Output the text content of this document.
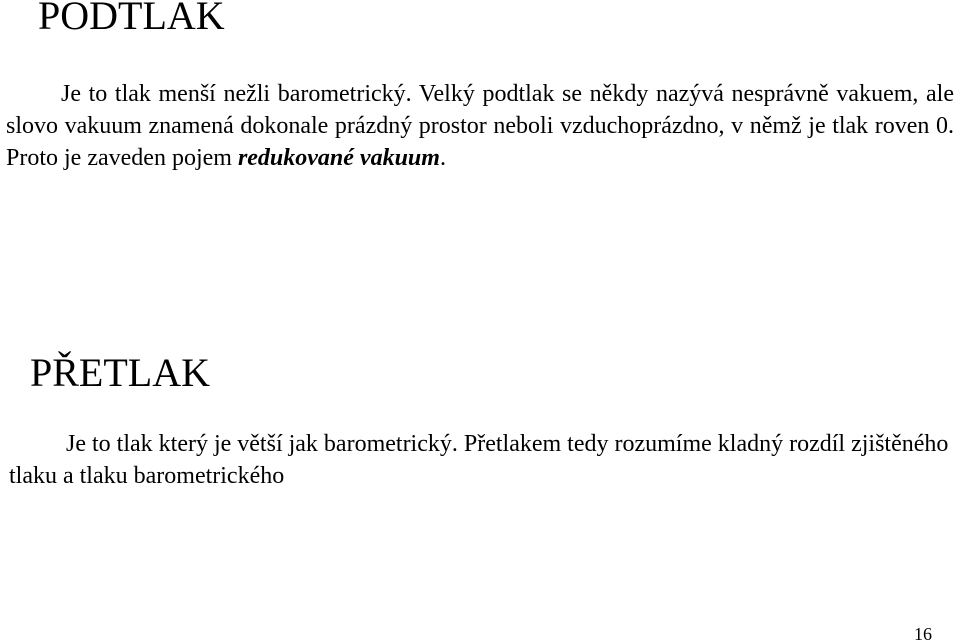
PODTLAK

Je to tlak menší nežli barometrický. Velký podtlak se někdy nazývá nesprávně vakuem, ale slovo vakuum znamená dokonale prázdný prostor neboli vzduchoprázdno, v němž je tlak roven 0. Proto je zaveden pojem redukované vakuum.

PŘETLAK

Je to tlak který je větší jak barometrický. Přetlakem tedy rozumíme kladný rozdíl zjištěného tlaku a tlaku barometrického

16
